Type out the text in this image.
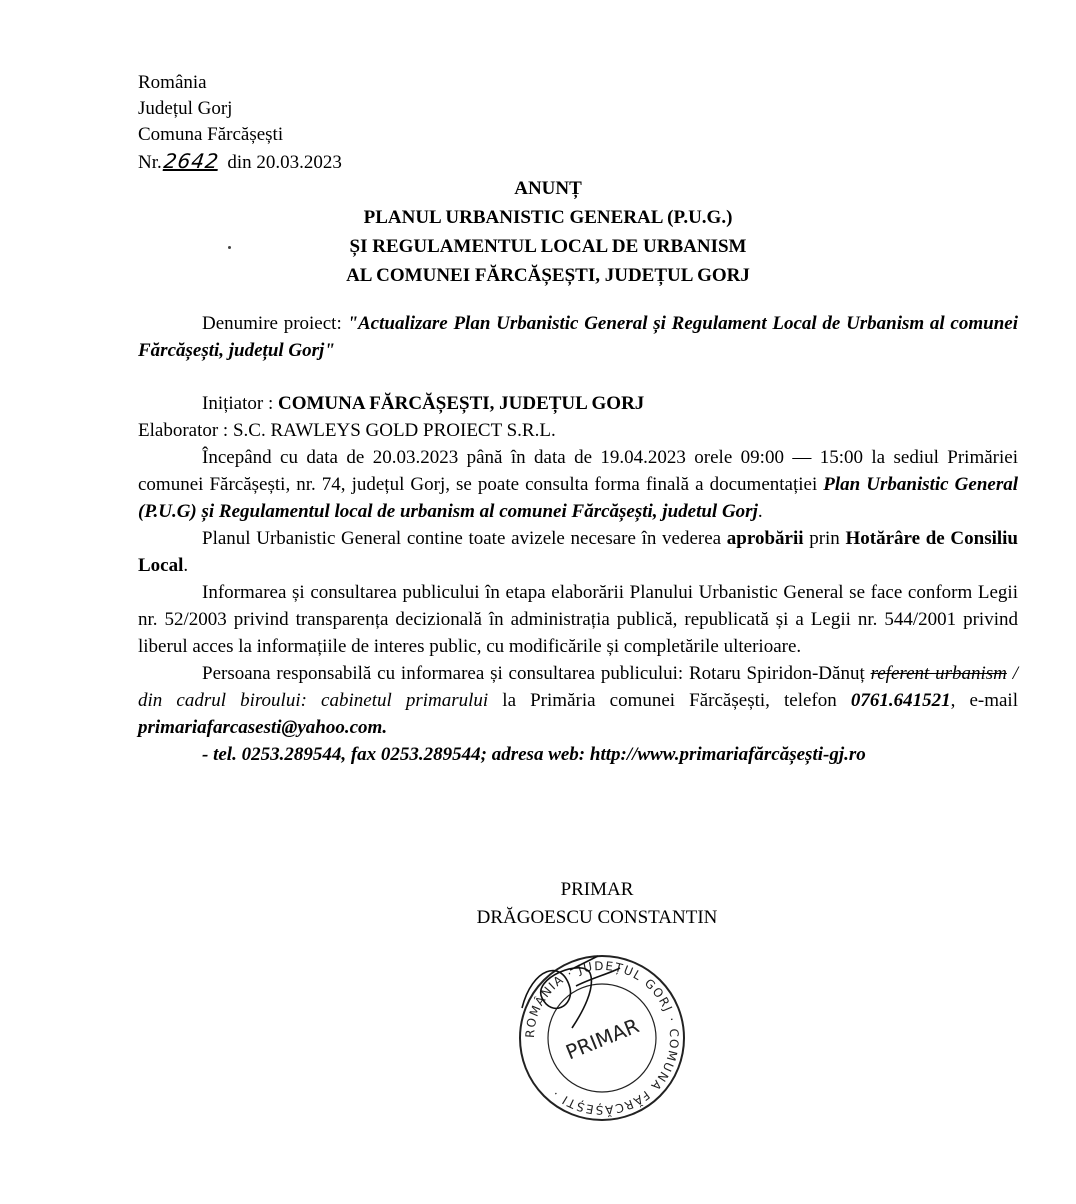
România
Județul Gorj
Comuna Fărcășești
Nr.2642 din 20.03.2023
ANUNȚ
PLANUL URBANISTIC GENERAL (P.U.G.)
ȘI REGULAMENTUL LOCAL DE URBANISM
AL COMUNEI FĂRCĂȘEȘTI, JUDEȚUL GORJ

Denumire proiect: "Actualizare Plan Urbanistic General și Regulament Local de Urbanism al comunei Fărcășești, județul Gorj"

Inițiator : COMUNA FĂRCĂȘEȘTI, JUDEȚUL GORJ

Elaborator : S.C. RAWLEYS GOLD PROIECT S.R.L.

Începând cu data de 20.03.2023 până în data de 19.04.2023 orele 09:00 — 15:00 la sediul Primăriei comunei Fărcășești, nr. 74, județul Gorj, se poate consulta forma finală a documentației Plan Urbanistic General (P.U.G) și Regulamentul local de urbanism al comunei Fărcășești, judetul Gorj.

Planul Urbanistic General contine toate avizele necesare în vederea aprobării prin Hotărâre de Consiliu Local.

Informarea și consultarea publicului în etapa elaborării Planului Urbanistic General se face conform Legii nr. 52/2003 privind transparența decizională în administrația publică, republicată și a Legii nr. 544/2001 privind liberul acces la informațiile de interes public, cu modificările și completările ulterioare.

Persoana responsabilă cu informarea și consultarea publicului: Rotaru Spiridon-Dănuț referent urbanism / din cadrul biroului: cabinetul primarului la Primăria comunei Fărcășești, telefon 0761.641521, e-mail primariafarcasesti@yahoo.com.

- tel. 0253.289544, fax 0253.289544; adresa web: http://www.primariafărcășești-gj.ro

PRIMAR
DRĂGOESCU CONSTANTIN
ROMÂNIA · JUDEȚUL GORJ · COMUNA FĂRCĂȘEȘTI ·
PRIMAR
